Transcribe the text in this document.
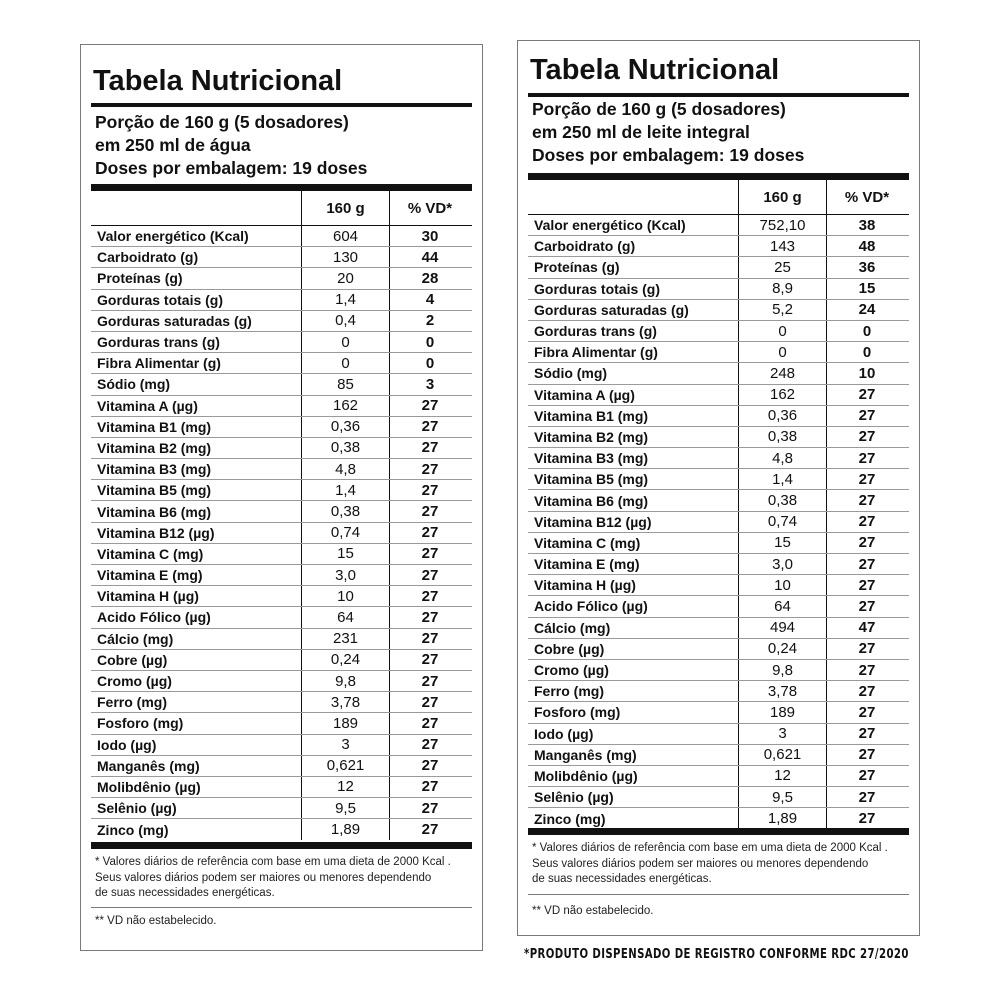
Tabela Nutricional
Porção de 160 g (5 dosadores)
em 250 ml de água
Doses por embalagem: 19 doses
160 g	% VD*
Valor energético (Kcal)	604	30
Carboidrato (g)	130	44
Proteínas (g)	20	28
Gorduras totais (g)	1,4	4
Gorduras saturadas (g)	0,4	2
Gorduras trans (g)	0	0
Fibra Alimentar (g)	0	0
Sódio (mg)	85	3
Vitamina A (µg)	162	27
Vitamina B1 (mg)	0,36	27
Vitamina B2 (mg)	0,38	27
Vitamina B3 (mg)	4,8	27
Vitamina B5 (mg)	1,4	27
Vitamina B6 (mg)	0,38	27
Vitamina B12 (µg)	0,74	27
Vitamina C (mg)	15	27
Vitamina E (mg)	3,0	27
Vitamina H (µg)	10	27
Acido Fólico (µg)	64	27
Cálcio (mg)	231	27
Cobre (µg)	0,24	27
Cromo (µg)	9,8	27
Ferro (mg)	3,78	27
Fosforo (mg)	189	27
Iodo (µg)	3	27
Manganês (mg)	0,621	27
Molibdênio (µg)	12	27
Selênio (µg)	9,5	27
Zinco (mg)	1,89	27
* Valores diários de referência com base em uma dieta de 2000 Kcal .
Seus valores diários podem ser maiores ou menores dependendo
de suas necessidades energéticas.
** VD não estabelecido.
Tabela Nutricional
Porção de 160 g (5 dosadores)
em 250 ml de leite integral
Doses por embalagem: 19 doses
160 g	% VD*
Valor energético (Kcal)	752,10	38
Carboidrato (g)	143	48
Proteínas (g)	25	36
Gorduras totais (g)	8,9	15
Gorduras saturadas (g)	5,2	24
Gorduras trans (g)	0	0
Fibra Alimentar (g)	0	0
Sódio (mg)	248	10
Vitamina A (µg)	162	27
Vitamina B1 (mg)	0,36	27
Vitamina B2 (mg)	0,38	27
Vitamina B3 (mg)	4,8	27
Vitamina B5 (mg)	1,4	27
Vitamina B6 (mg)	0,38	27
Vitamina B12 (µg)	0,74	27
Vitamina C (mg)	15	27
Vitamina E (mg)	3,0	27
Vitamina H (µg)	10	27
Acido Fólico (µg)	64	27
Cálcio (mg)	494	47
Cobre (µg)	0,24	27
Cromo (µg)	9,8	27
Ferro (mg)	3,78	27
Fosforo (mg)	189	27
Iodo (µg)	3	27
Manganês (mg)	0,621	27
Molibdênio (µg)	12	27
Selênio (µg)	9,5	27
Zinco (mg)	1,89	27
* Valores diários de referência com base em uma dieta de 2000 Kcal .
Seus valores diários podem ser maiores ou menores dependendo
de suas necessidades energéticas.
** VD não estabelecido.
*PRODUTO DISPENSADO DE REGISTRO CONFORME RDC 27/2020
